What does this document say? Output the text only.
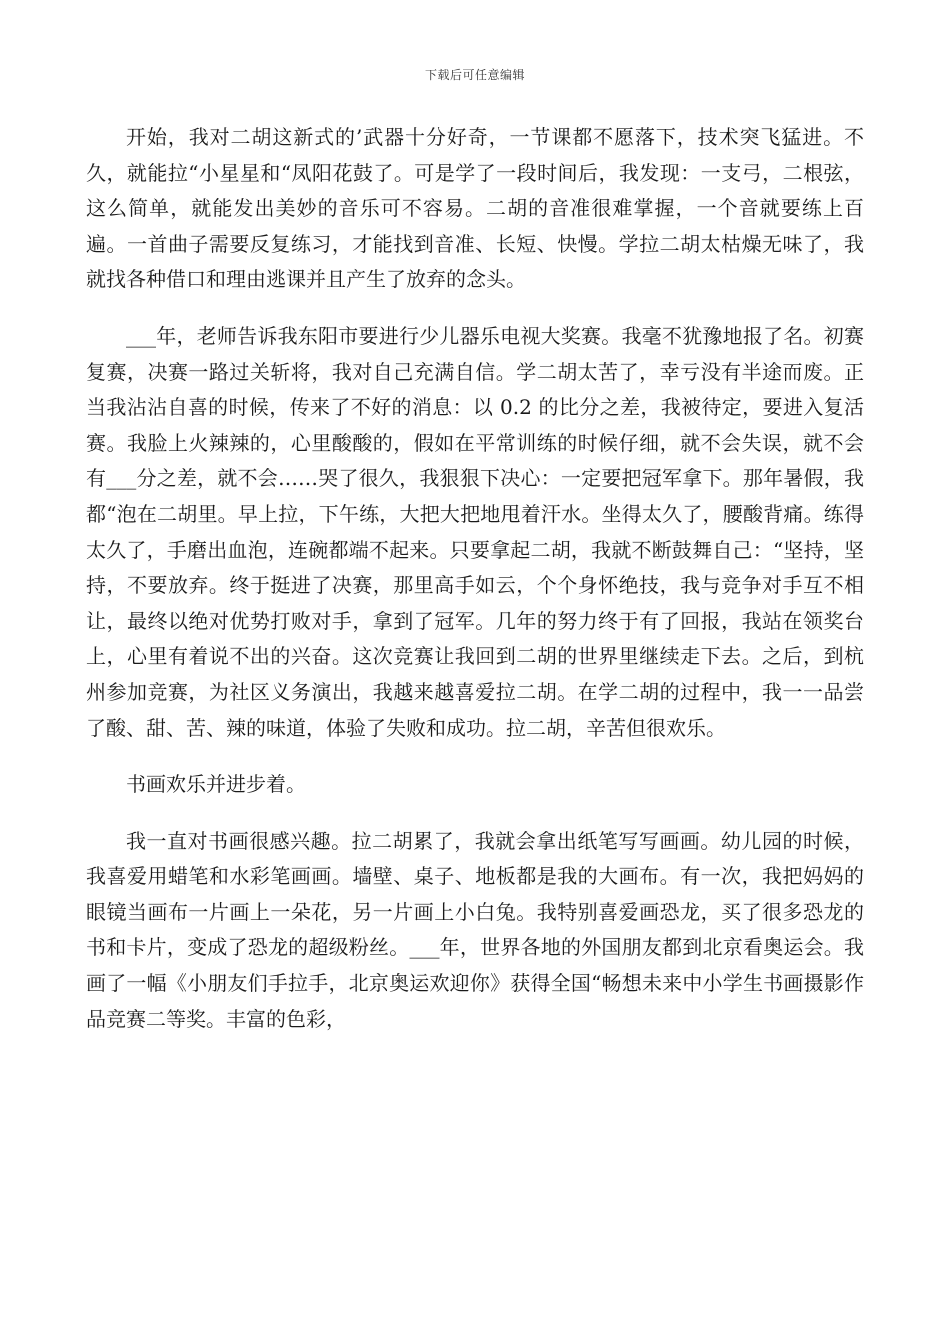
下载后可任意编辑

开始，我对二胡这新式的’武器十分好奇，一节课都不愿落下，技术突飞猛进。不久，就能拉“小星星和“凤阳花鼓了。可是学了一段时间后，我发现：一支弓，二根弦，这么简单，就能发出美妙的音乐可不容易。二胡的音准很难掌握，一个音就要练上百遍。一首曲子需要反复练习，才能找到音准、长短、快慢。学拉二胡太枯燥无味了，我就找各种借口和理由逃课并且产生了放弃的念头。

___年，老师告诉我东阳市要进行少儿器乐电视大奖赛。我毫不犹豫地报了名。初赛复赛，决赛一路过关斩将，我对自己充满自信。学二胡太苦了，幸亏没有半途而废。正当我沾沾自喜的时候，传来了不好的消息：以 0.2 的比分之差，我被待定，要进入复活赛。我脸上火辣辣的，心里酸酸的，假如在平常训练的时候仔细，就不会失误，就不会有___分之差，就不会……哭了很久，我狠狠下决心：一定要把冠军拿下。那年暑假，我都“泡在二胡里。早上拉，下午练，大把大把地甩着汗水。坐得太久了，腰酸背痛。练得太久了，手磨出血泡，连碗都端不起来。只要拿起二胡，我就不断鼓舞自己：“坚持，坚持，不要放弃。终于挺进了决赛，那里高手如云，个个身怀绝技，我与竞争对手互不相让，最终以绝对优势打败对手，拿到了冠军。几年的努力终于有了回报，我站在领奖台上，心里有着说不出的兴奋。这次竞赛让我回到二胡的世界里继续走下去。之后，到杭州参加竞赛，为社区义务演出，我越来越喜爱拉二胡。在学二胡的过程中，我一一品尝了酸、甜、苦、辣的味道，体验了失败和成功。拉二胡，辛苦但很欢乐。

书画欢乐并进步着。

我一直对书画很感兴趣。拉二胡累了，我就会拿出纸笔写写画画。幼儿园的时候，我喜爱用蜡笔和水彩笔画画。墙壁、桌子、地板都是我的大画布。有一次，我把妈妈的眼镜当画布一片画上一朵花，另一片画上小白兔。我特别喜爱画恐龙，买了很多恐龙的书和卡片，变成了恐龙的超级粉丝。___年，世界各地的外国朋友都到北京看奥运会。我画了一幅《小朋友们手拉手，北京奥运欢迎你》获得全国“畅想未来中小学生书画摄影作品竞赛二等奖。丰富的色彩，
